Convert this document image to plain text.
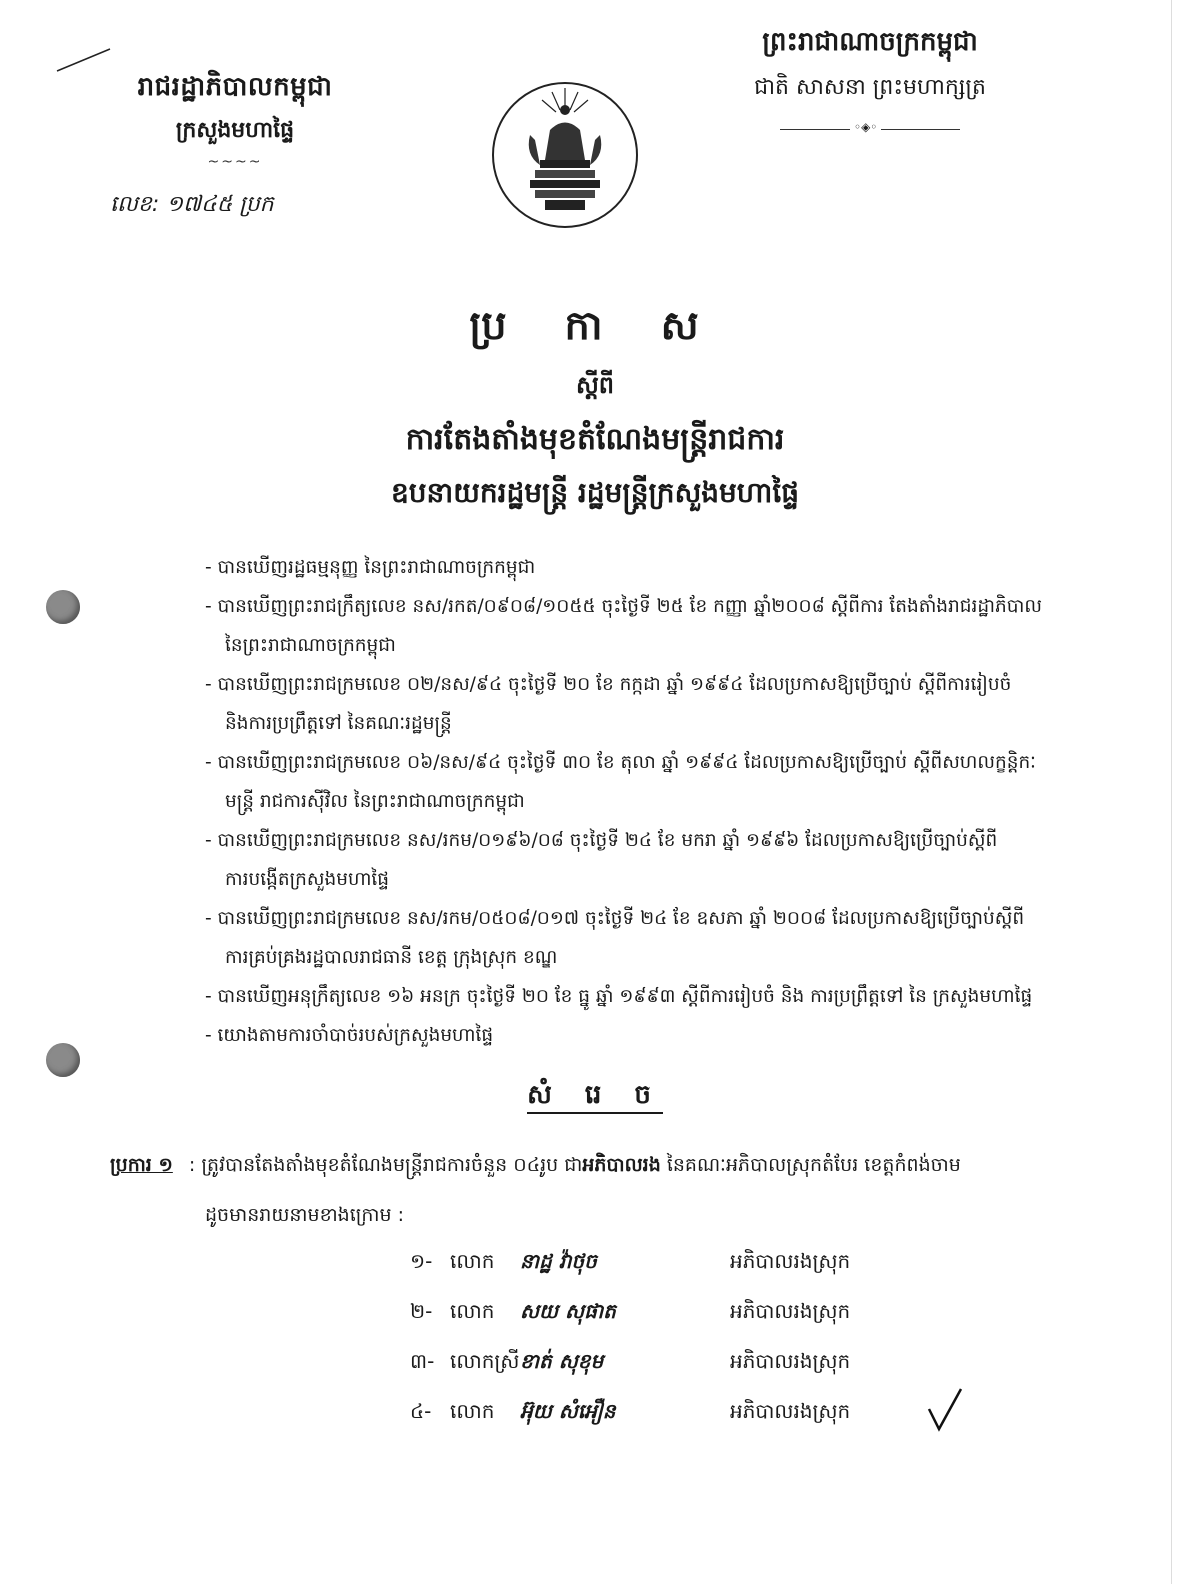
រាជរដ្ឋាភិបាលកម្ពុជា
ក្រសួងមហាផ្ទៃ
~~~~
លេខ: ១៧៤៥ ប្រក
ព្រះរាជាណាចក្រកម្ពុជា
ជាតិ សាសនា ព្រះមហាក្សត្រ
◦◈◦
ប្រ កា ស
ស្តីពី
ការតែងតាំងមុខតំណែងមន្ត្រីរាជការ
ឧបនាយករដ្ឋមន្ត្រី រដ្ឋមន្ត្រីក្រសួងមហាផ្ទៃ
- បានឃើញរដ្ឋធម្មនុញ្ញ នៃព្រះរាជាណាចក្រកម្ពុជា
- បានឃើញព្រះរាជក្រឹត្យលេខ នស/រកត/០៩០៨/១០៥៥ ចុះថ្ងៃទី ២៥ ខែ កញ្ញា ឆ្នាំ២០០៨ ស្តីពីការ តែងតាំងរាជរដ្ឋាភិបាល
នៃព្រះរាជាណាចក្រកម្ពុជា
- បានឃើញព្រះរាជក្រមលេខ ០២/នស/៩៤ ចុះថ្ងៃទី ២០ ខែ កក្កដា ឆ្នាំ ១៩៩៤ ដែលប្រកាសឱ្យប្រើច្បាប់ ស្តីពីការរៀបចំ
និងការប្រព្រឹត្តទៅ នៃគណៈរដ្ឋមន្ត្រី
- បានឃើញព្រះរាជក្រមលេខ ០៦/នស/៩៤ ចុះថ្ងៃទី ៣០ ខែ តុលា ឆ្នាំ ១៩៩៤ ដែលប្រកាសឱ្យប្រើច្បាប់ ស្តីពីសហលក្ខន្តិកៈ
មន្ត្រី រាជការស៊ីវិល នៃព្រះរាជាណាចក្រកម្ពុជា
- បានឃើញព្រះរាជក្រមលេខ នស/រកម/០១៩៦/០៨ ចុះថ្ងៃទី ២៤ ខែ មករា ឆ្នាំ ១៩៩៦ ដែលប្រកាសឱ្យប្រើច្បាប់ស្តីពី
ការបង្កើតក្រសួងមហាផ្ទៃ
- បានឃើញព្រះរាជក្រមលេខ នស/រកម/០៥០៨/០១៧ ចុះថ្ងៃទី ២៤ ខែ ឧសភា ឆ្នាំ ២០០៨ ដែលប្រកាសឱ្យប្រើច្បាប់ស្តីពី
ការគ្រប់គ្រងរដ្ឋបាលរាជធានី ខេត្ត ក្រុងស្រុក ខណ្ឌ
- បានឃើញអនុក្រឹត្យលេខ ១៦ អនក្រ ចុះថ្ងៃទី ២០ ខែ ធ្នូ ឆ្នាំ ១៩៩៣ ស្តីពីការរៀបចំ និង ការប្រព្រឹត្តទៅ នៃ ក្រសួងមហាផ្ទៃ
- យោងតាមការចាំបាច់របស់ក្រសួងមហាផ្ទៃ
សំ រេ ច
ប្រការ ១ : ត្រូវបានតែងតាំងមុខតំណែងមន្ត្រីរាជការចំនួន ០៤រូប ជាអភិបាលរង នៃគណៈអភិបាលស្រុកតំបែរ ខេត្តកំពង់ចាម
ដូចមានរាយនាមខាងក្រោម :
១- លោក នាដ្ឋ វ៉ាថុច	អភិបាលរងស្រុក
២- លោក សយ សុផាត	អភិបាលរងស្រុក
៣- លោកស្រី ខាត់ សុខុម	អភិបាលរងស្រុក
៤- លោក អ៊ុយ សំអឿន	អភិបាលរងស្រុក
